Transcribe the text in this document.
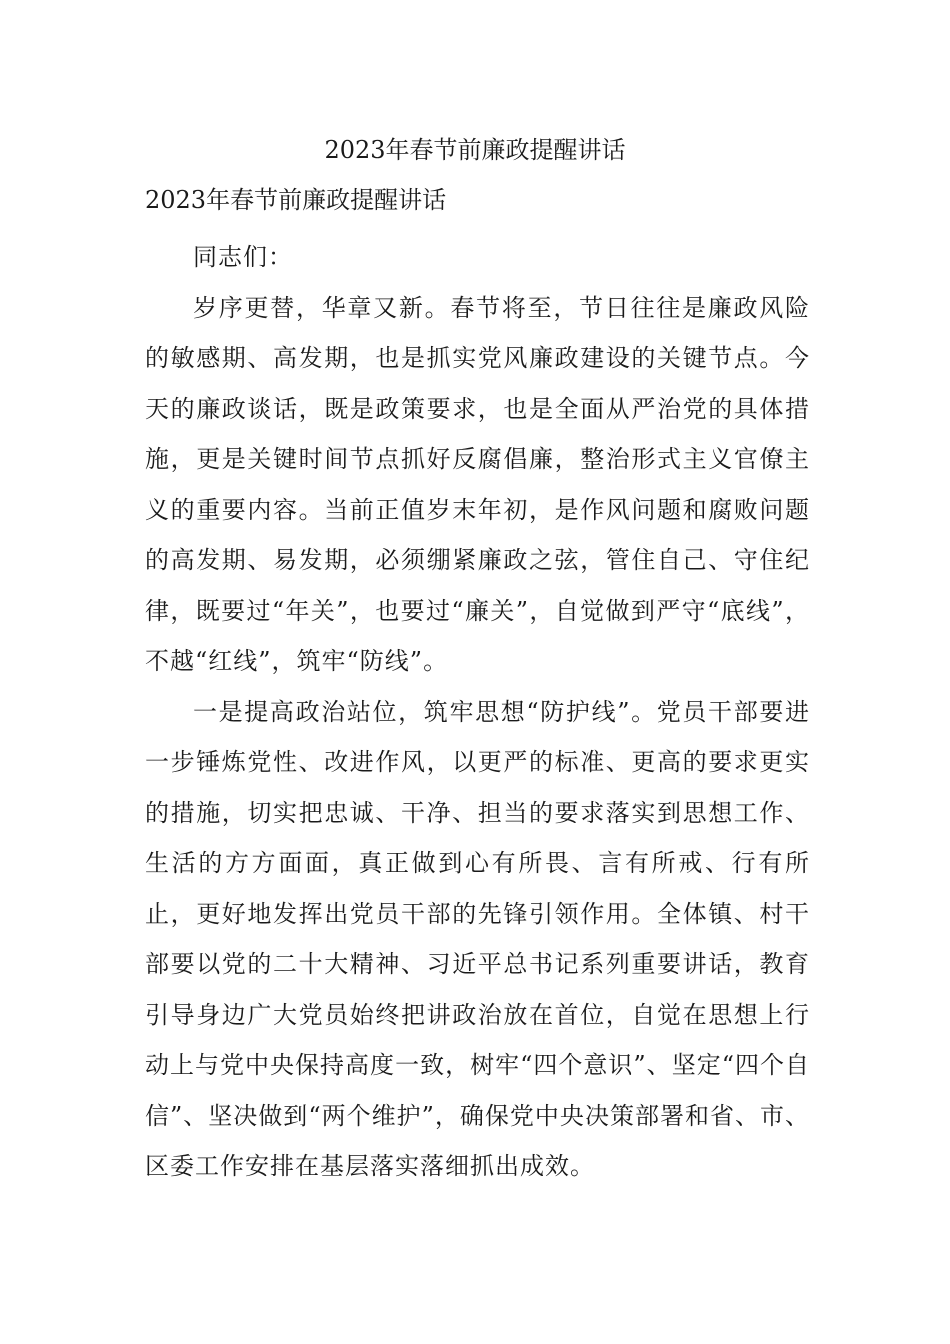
2023年春节前廉政提醒讲话
2023年春节前廉政提醒讲话

同志们：

岁序更替，华章又新。春节将至，节日往往是廉政风险的敏感期、高发期，也是抓实党风廉政建设的关键节点。今天的廉政谈话，既是政策要求，也是全面从严治党的具体措施，更是关键时间节点抓好反腐倡廉，整治形式主义官僚主义的重要内容。当前正值岁末年初，是作风问题和腐败问题的高发期、易发期，必须绷紧廉政之弦，管住自己、守住纪律，既要过“年关”，也要过“廉关”，自觉做到严守“底线”，不越“红线”，筑牢“防线”。

一是提高政治站位，筑牢思想“防护线”。党员干部要进一步锤炼党性、改进作风，以更严的标准、更高的要求更实的措施，切实把忠诚、干净、担当的要求落实到思想工作、生活的方方面面，真正做到心有所畏、言有所戒、行有所止，更好地发挥出党员干部的先锋引领作用。全体镇、村干部要以党的二十大精神、习近平总书记系列重要讲话，教育引导身边广大党员始终把讲政治放在首位，自觉在思想上行动上与党中央保持高度一致，树牢“四个意识”、坚定“四个自信”、坚决做到“两个维护”，确保党中央决策部署和省、市、区委工作安排在基层落实落细抓出成效。
